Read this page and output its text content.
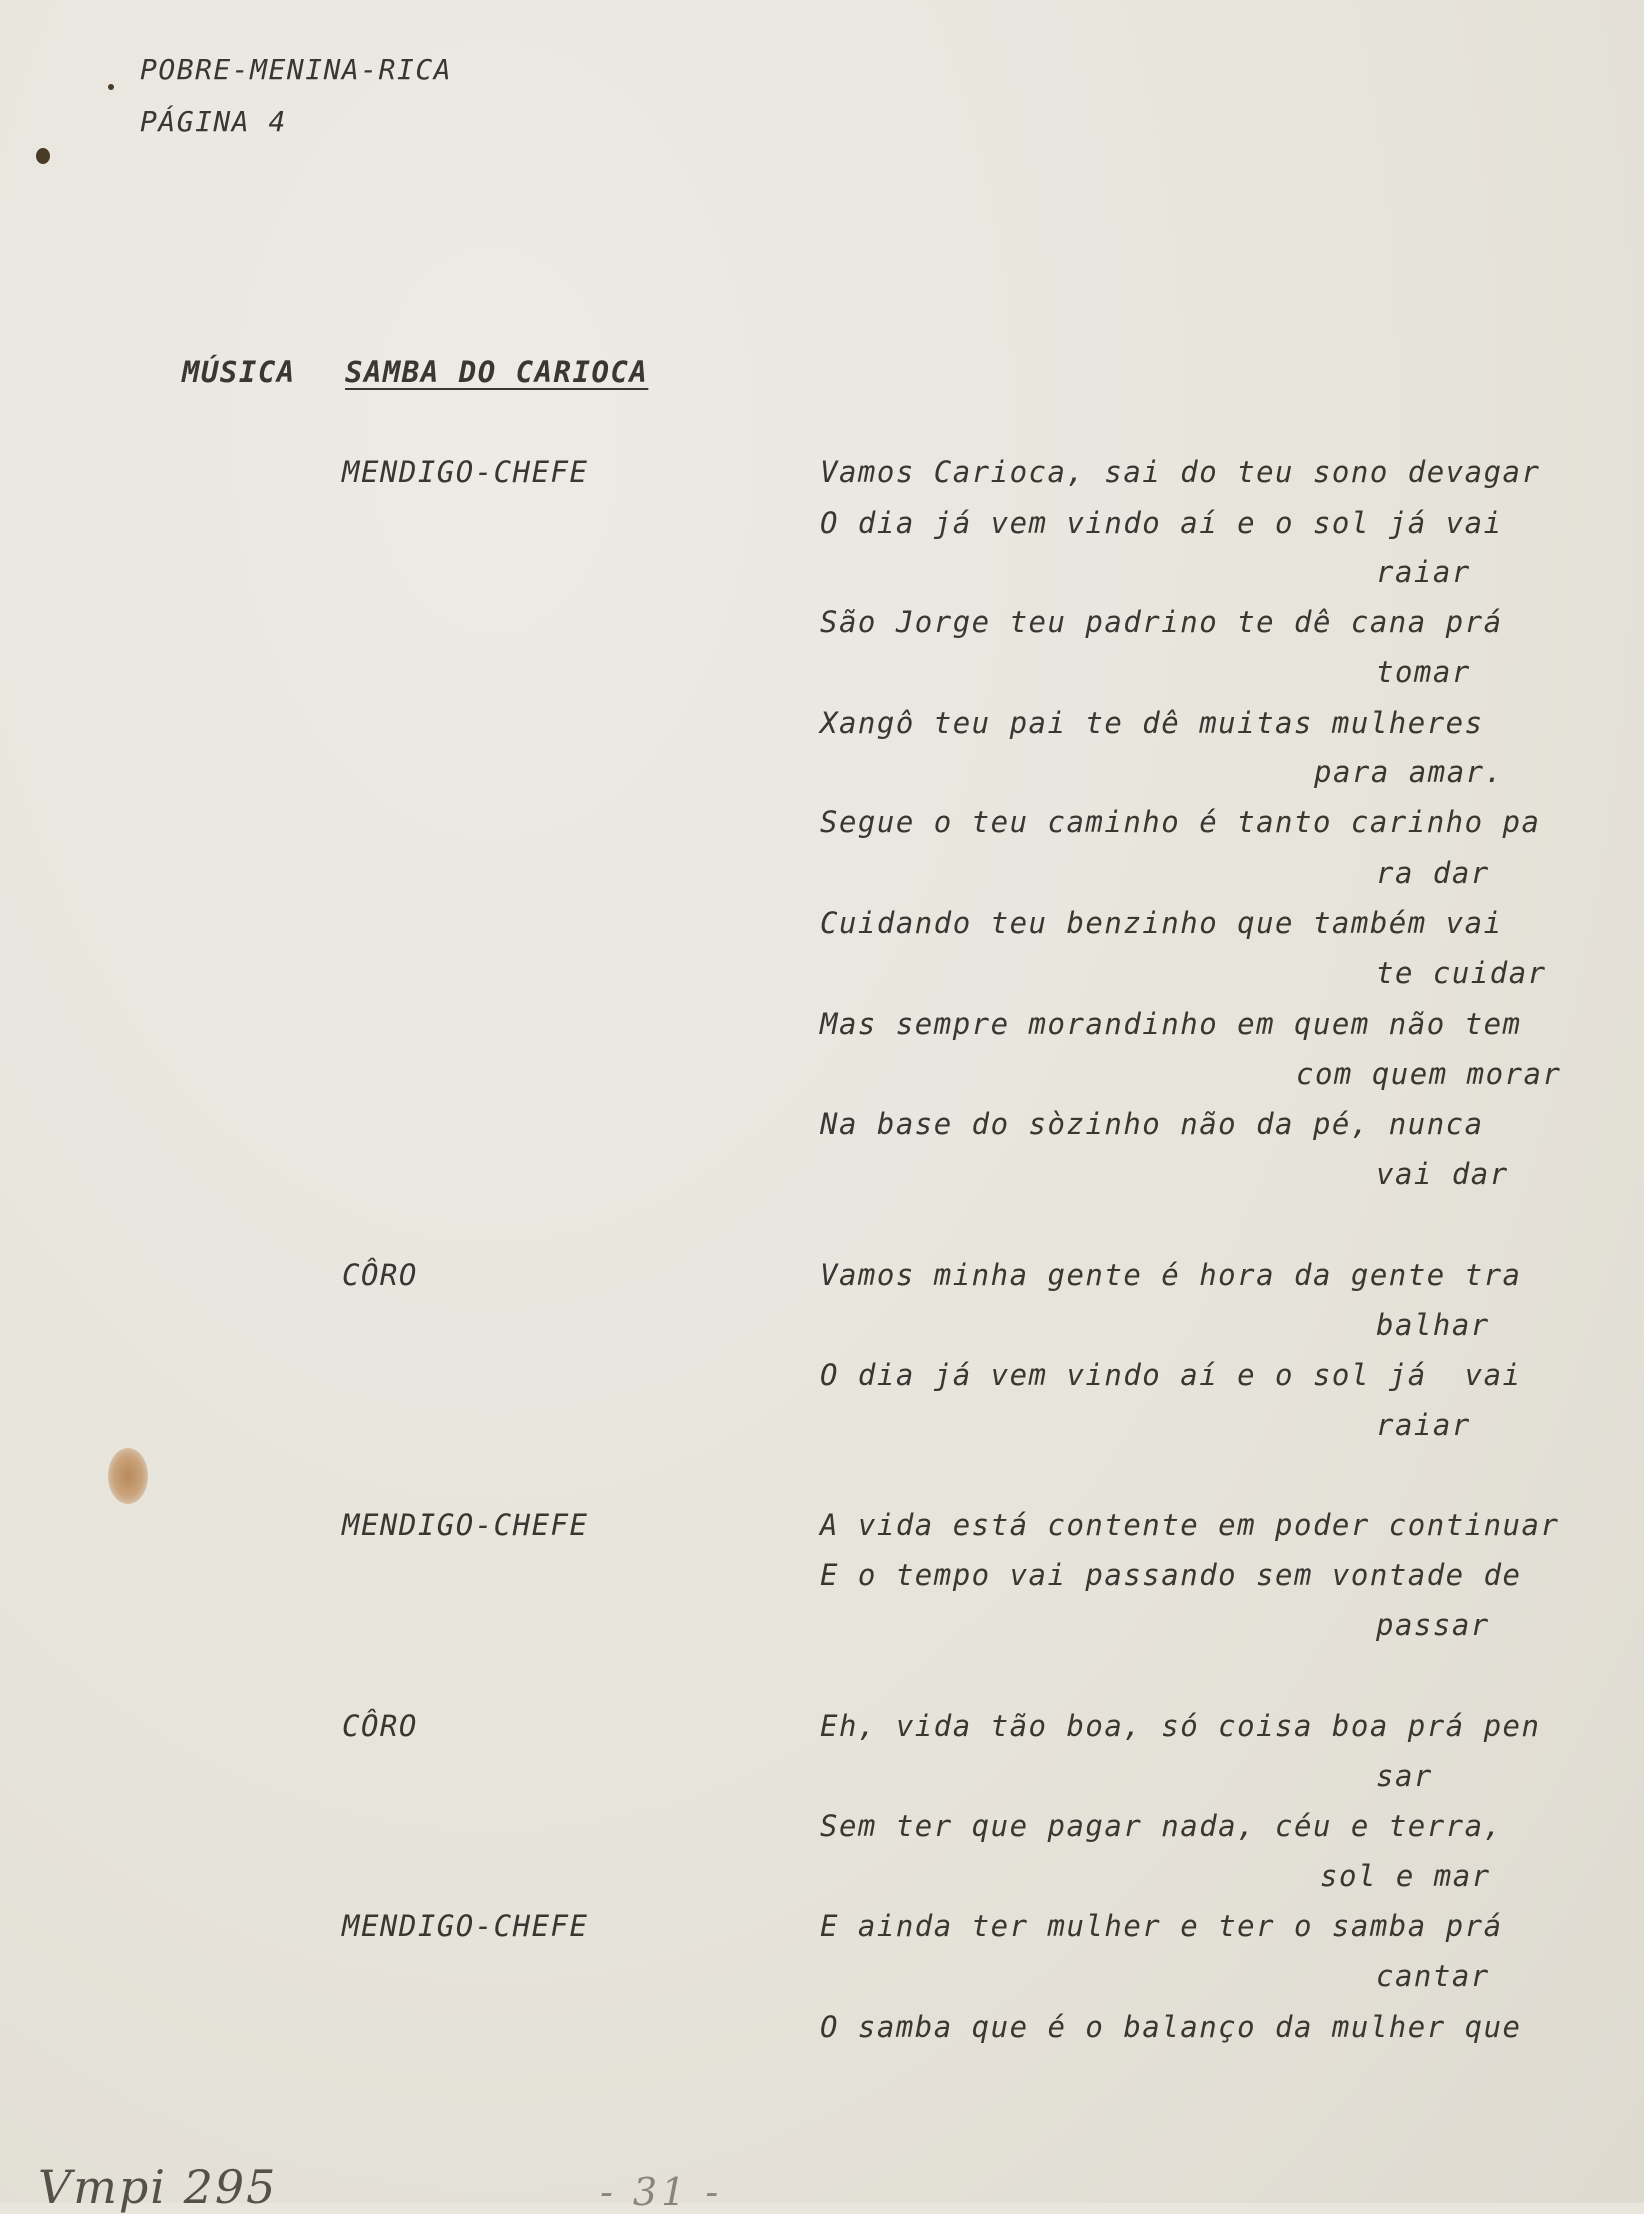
POBRE-MENINA-RICA
PÁGINA 4
MÚSICA SAMBA DO CARIOCA
MENDIGO-CHEFE	Vamos Carioca, sai do teu sono devagar
O dia já vem vindo aí e o sol já vai
raiar
São Jorge teu padrino te dê cana prá
tomar
Xangô teu pai te dê muitas mulheres
para amar.
Segue o teu caminho é tanto carinho pa
ra dar
Cuidando teu benzinho que também vai
te cuidar
Mas sempre morandinho em quem não tem
com quem morar
Na base do sòzinho não da pé, nunca
vai dar
CÔRO	Vamos minha gente é hora da gente tra
balhar
O dia já vem vindo aí e o sol já  vai
raiar
MENDIGO-CHEFE	A vida está contente em poder continuar
E o tempo vai passando sem vontade de
passar
CÔRO	Eh, vida tão boa, só coisa boa prá pen
sar
Sem ter que pagar nada, céu e terra,
sol e mar
MENDIGO-CHEFE	E ainda ter mulher e ter o samba prá
cantar
O samba que é o balanço da mulher que
Vmpi 295	- 31 -
